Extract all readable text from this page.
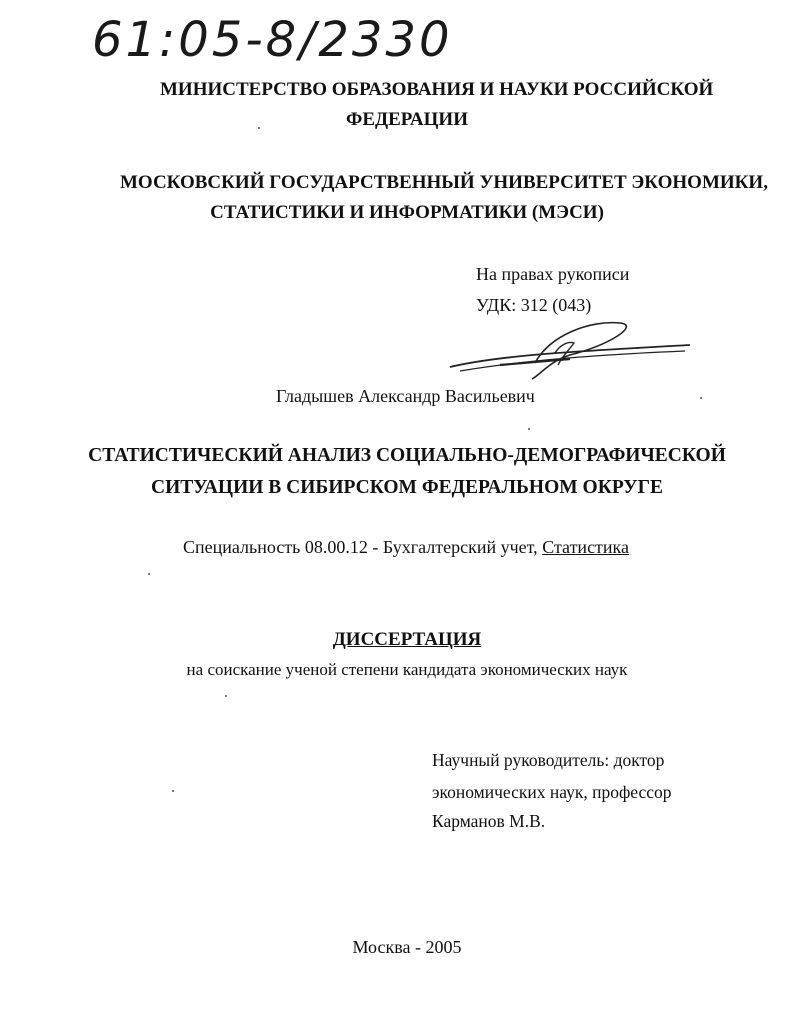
61:05-8/2330
МИНИСТЕРСТВО ОБРАЗОВАНИЯ И НАУКИ РОССИЙСКОЙ
ФЕДЕРАЦИИ
МОСКОВСКИЙ ГОСУДАРСТВЕННЫЙ УНИВЕРСИТЕТ ЭКОНОМИКИ,
СТАТИСТИКИ И ИНФОРМАТИКИ (МЭСИ)
На правах рукописи
УДК: 312 (043)
Гладышев Александр Васильевич
СТАТИСТИЧЕСКИЙ АНАЛИЗ СОЦИАЛЬНО-ДЕМОГРАФИЧЕСКОЙ
СИТУАЦИИ В СИБИРСКОМ ФЕДЕРАЛЬНОМ ОКРУГЕ
Специальность 08.00.12 - Бухгалтерский учет, Статистика
ДИССЕРТАЦИЯ
на соискание ученой степени кандидата экономических наук
Научный руководитель: доктор
экономических наук, профессор
Карманов М.В.
Москва - 2005
